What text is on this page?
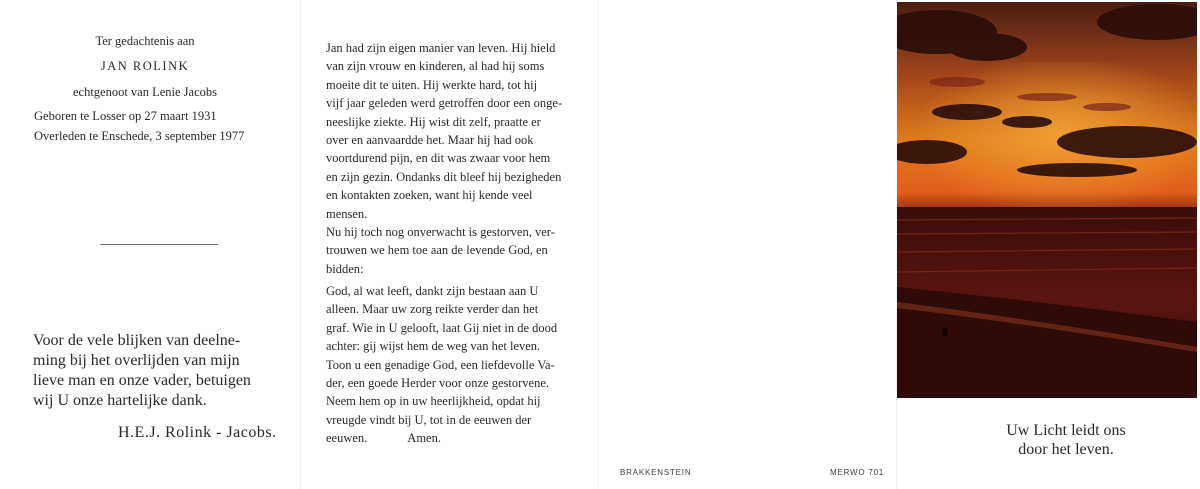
Ter gedachtenis aan
JAN ROLINK
echtgenoot van Lenie Jacobs
Geboren te Losser op 27 maart 1931
Overleden te Enschede, 3 september 1977

Voor de vele blijken van deelne-

ming bij het overlijden van mijn

lieve man en onze vader, betuigen

wij U onze hartelijke dank.

H.E.J. Rolink - Jacobs.

Jan had zijn eigen manier van leven. Hij hield

van zijn vrouw en kinderen, al had hij soms

moeite dit te uiten. Hij werkte hard, tot hij

vijf jaar geleden werd getroffen door een onge-

neeslijke ziekte. Hij wist dit zelf, praatte er

over en aanvaardde het. Maar hij had ook

voortdurend pijn, en dit was zwaar voor hem

en zijn gezin. Ondanks dit bleef hij bezigheden

en kontakten zoeken, want hij kende veel

mensen.

Nu hij toch nog onverwacht is gestorven, ver-

trouwen we hem toe aan de levende God, en

bidden:

God, al wat leeft, dankt zijn bestaan aan U

alleen. Maar uw zorg reikte verder dan het

graf. Wie in U gelooft, laat Gij niet in de dood

achter: gij wijst hem de weg van het leven.

Toon u een genadige God, een liefdevolle Va-

der, een goede Herder voor onze gestorvene.

Neem hem op in uw heerlijkheid, opdat hij

vreugde vindt bij U, tot in de eeuwen der

eeuwen.	Amen.

BRAKKENSTEIN	MERWO 701
Uw Licht leidt ons
door het leven.
